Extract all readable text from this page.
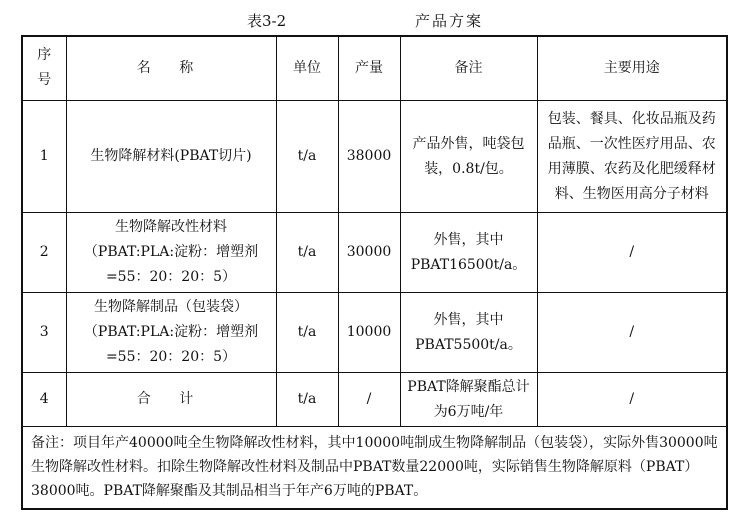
表3-2	产品方案
序
号	名 称	单位	产量	备注	主要用途
1	生物降解材料(PBAT切片)	t/a	38000	产品外售，吨袋包
装，0.8t/包。	包装、餐具、化妆品瓶及药
品瓶、一次性医疗用品、农
用薄膜、农药及化肥缓释材
料、生物医用高分子材料

2	生物降解改性材料
（PBAT:PLA:淀粉：增塑剂
=55：20：20：5）	t/a	30000	外售，其中
PBAT16500t/a。	/

3	生物降解制品（包装袋）
（PBAT:PLA:淀粉：增塑剂
=55：20：20：5）	t/a	10000	外售，其中
PBAT5500t/a。	/

4	合 计	t/a	/	PBAT降解聚酯总计
为6万吨/年	/

备注：项目年产40000吨全生物降解改性材料，其中10000吨制成生物降解制品（包装袋），实际外售30000吨生物降解改性材料。扣除生物降解改性材料及制品中PBAT数量22000吨，实际销售生物降解原料（PBAT）38000吨。PBAT降解聚酯及其制品相当于年产6万吨的PBAT。					
